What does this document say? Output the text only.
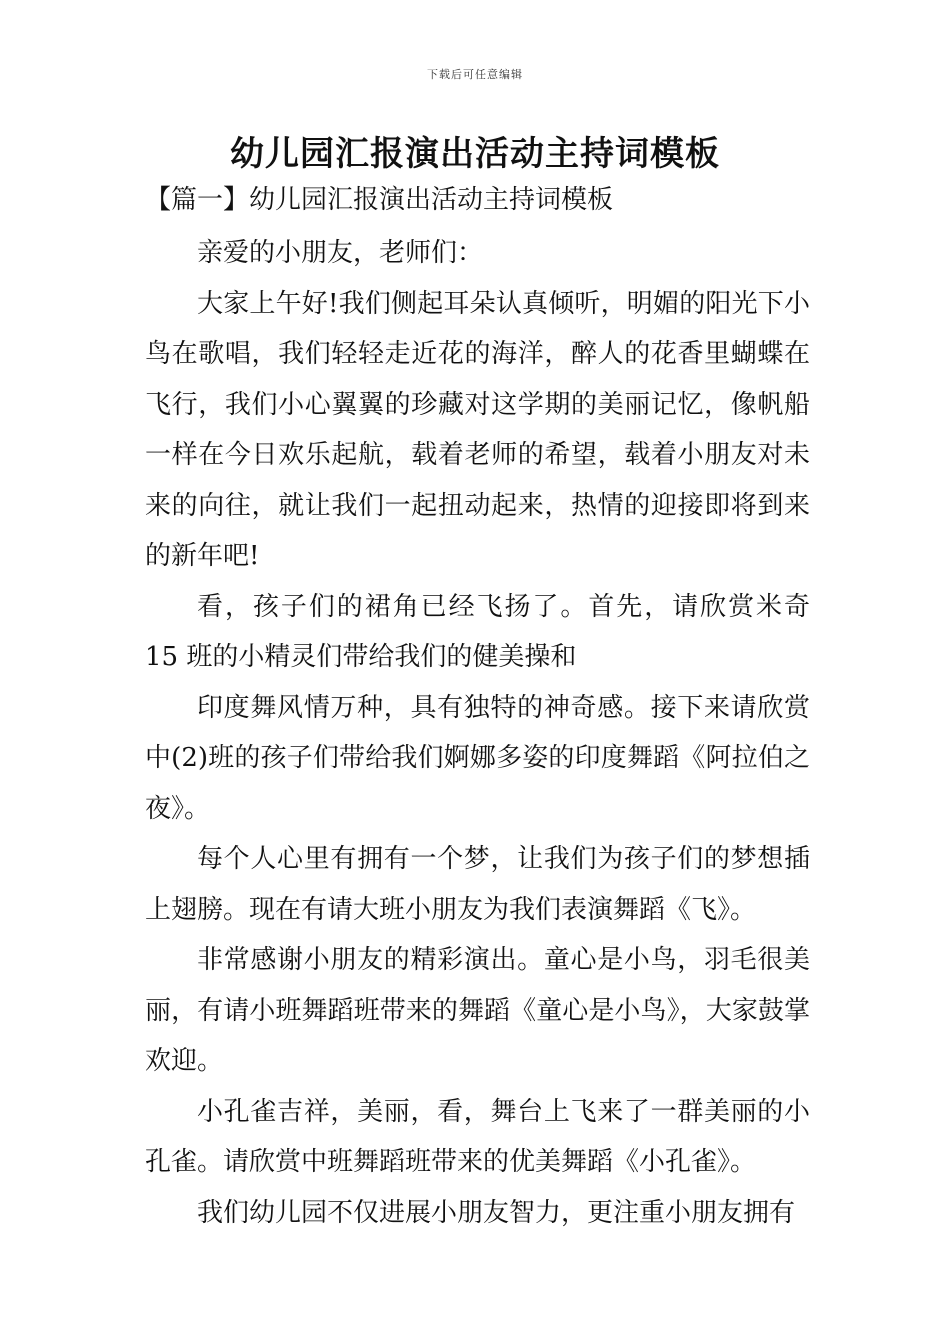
下载后可任意编辑
幼儿园汇报演出活动主持词模板
【篇一】幼儿园汇报演出活动主持词模板

亲爱的小朋友，老师们：

大家上午好!我们侧起耳朵认真倾听，明媚的阳光下小鸟在歌唱，我们轻轻走近花的海洋，醉人的花香里蝴蝶在飞行，我们小心翼翼的珍藏对这学期的美丽记忆，像帆船一样在今日欢乐起航，载着老师的希望，载着小朋友对未来的向往，就让我们一起扭动起来，热情的迎接即将到来的新年吧!

看，孩子们的裙角已经飞扬了。首先，请欣赏米奇 15 班的小精灵们带给我们的健美操和

印度舞风情万种，具有独特的神奇感。接下来请欣赏中(2)班的孩子们带给我们婀娜多姿的印度舞蹈《阿拉伯之夜》。

每个人心里有拥有一个梦，让我们为孩子们的梦想插上翅膀。现在有请大班小朋友为我们表演舞蹈《飞》。

非常感谢小朋友的精彩演出。童心是小鸟，羽毛很美丽，有请小班舞蹈班带来的舞蹈《童心是小鸟》，大家鼓掌欢迎。

小孔雀吉祥，美丽，看，舞台上飞来了一群美丽的小孔雀。请欣赏中班舞蹈班带来的优美舞蹈《小孔雀》。

我们幼儿园不仅进展小朋友智力，更注重小朋友拥有
